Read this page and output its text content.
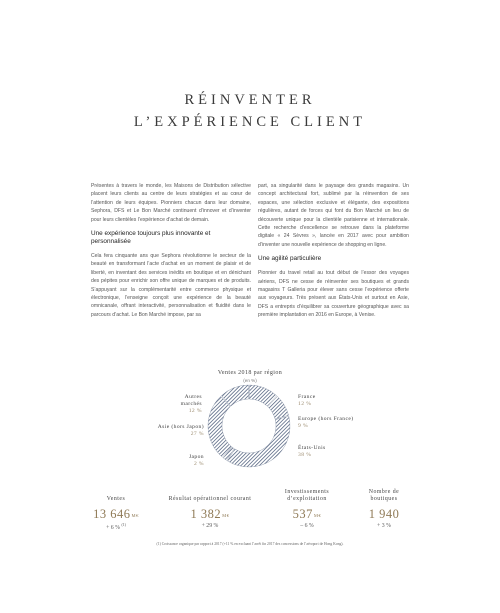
RÉINVENTER
L’EXPÉRIENCE CLIENT

Présentes à travers le monde, les Maisons de Distribution sélective placent leurs clients au centre de leurs stratégies et au cœur de l’attention de leurs équipes. Pionniers chacun dans leur domaine, Sephora, DFS et Le Bon Marché continuent d’innover et d’inventer pour leurs clientèles l’expérience d’achat de demain.

Une expérience toujours plus innovante et personnalisée

Cela fera cinquante ans que Sephora révolutionne le secteur de la beauté en transformant l’acte d’achat en un moment de plaisir et de liberté, en inventant des services inédits en boutique et en dénichant des pépites pour enrichir son offre unique de marques et de produits. S’appuyant sur la complémentarité entre commerce physique et électronique, l’enseigne conçoit une expérience de la beauté omnicanale, offrant interactivité, personnalisation et fluidité dans le parcours d’achat. Le Bon Marché impose, par sa

part, sa singularité dans le paysage des grands magasins. Un concept architectural fort, sublimé par la réinvention de ses espaces, une sélection exclusive et élégante, des expositions régulières, autant de forces qui font du Bon Marché un lieu de découverte unique pour la clientèle parisienne et internationale. Cette recherche d’excellence se retrouve dans la plateforme digitale « 24 Sèvres », lancée en 2017 avec pour ambition d’inventer une nouvelle expérience de shopping en ligne.

Une agilité particulière

Pionnier du travel retail au tout début de l’essor des voyages aériens, DFS ne cesse de réinventer ses boutiques et grands magasins T Galleria pour élever sans cesse l’expérience offerte aux voyageurs. Très présent aux États-Unis et surtout en Asie, DFS a entrepris d’équilibrer sa couverture géographique avec sa première implantation en 2016 en Europe, à Venise.

Ventes 2018 par région
(en %)
France
12 %
Europe (hors France)
9 %
États-Unis
38 %
Japon
2 %
Asie (hors Japon)
27 %
Autres marchés
12 %
Ventes
13 646M€
+ 6 % $^{(1)}$
Résultat opérationnel courant
1 382M€
+ 29 %
Investissements d’exploitation
537M€
– 6 %
Nombre de boutiques
1 940
+ 3 %
(1) Croissance organique par rapport à 2017 (+11 % en excluant l’arrêt fin 2017 des concessions de l’aéroport de Hong Kong).
